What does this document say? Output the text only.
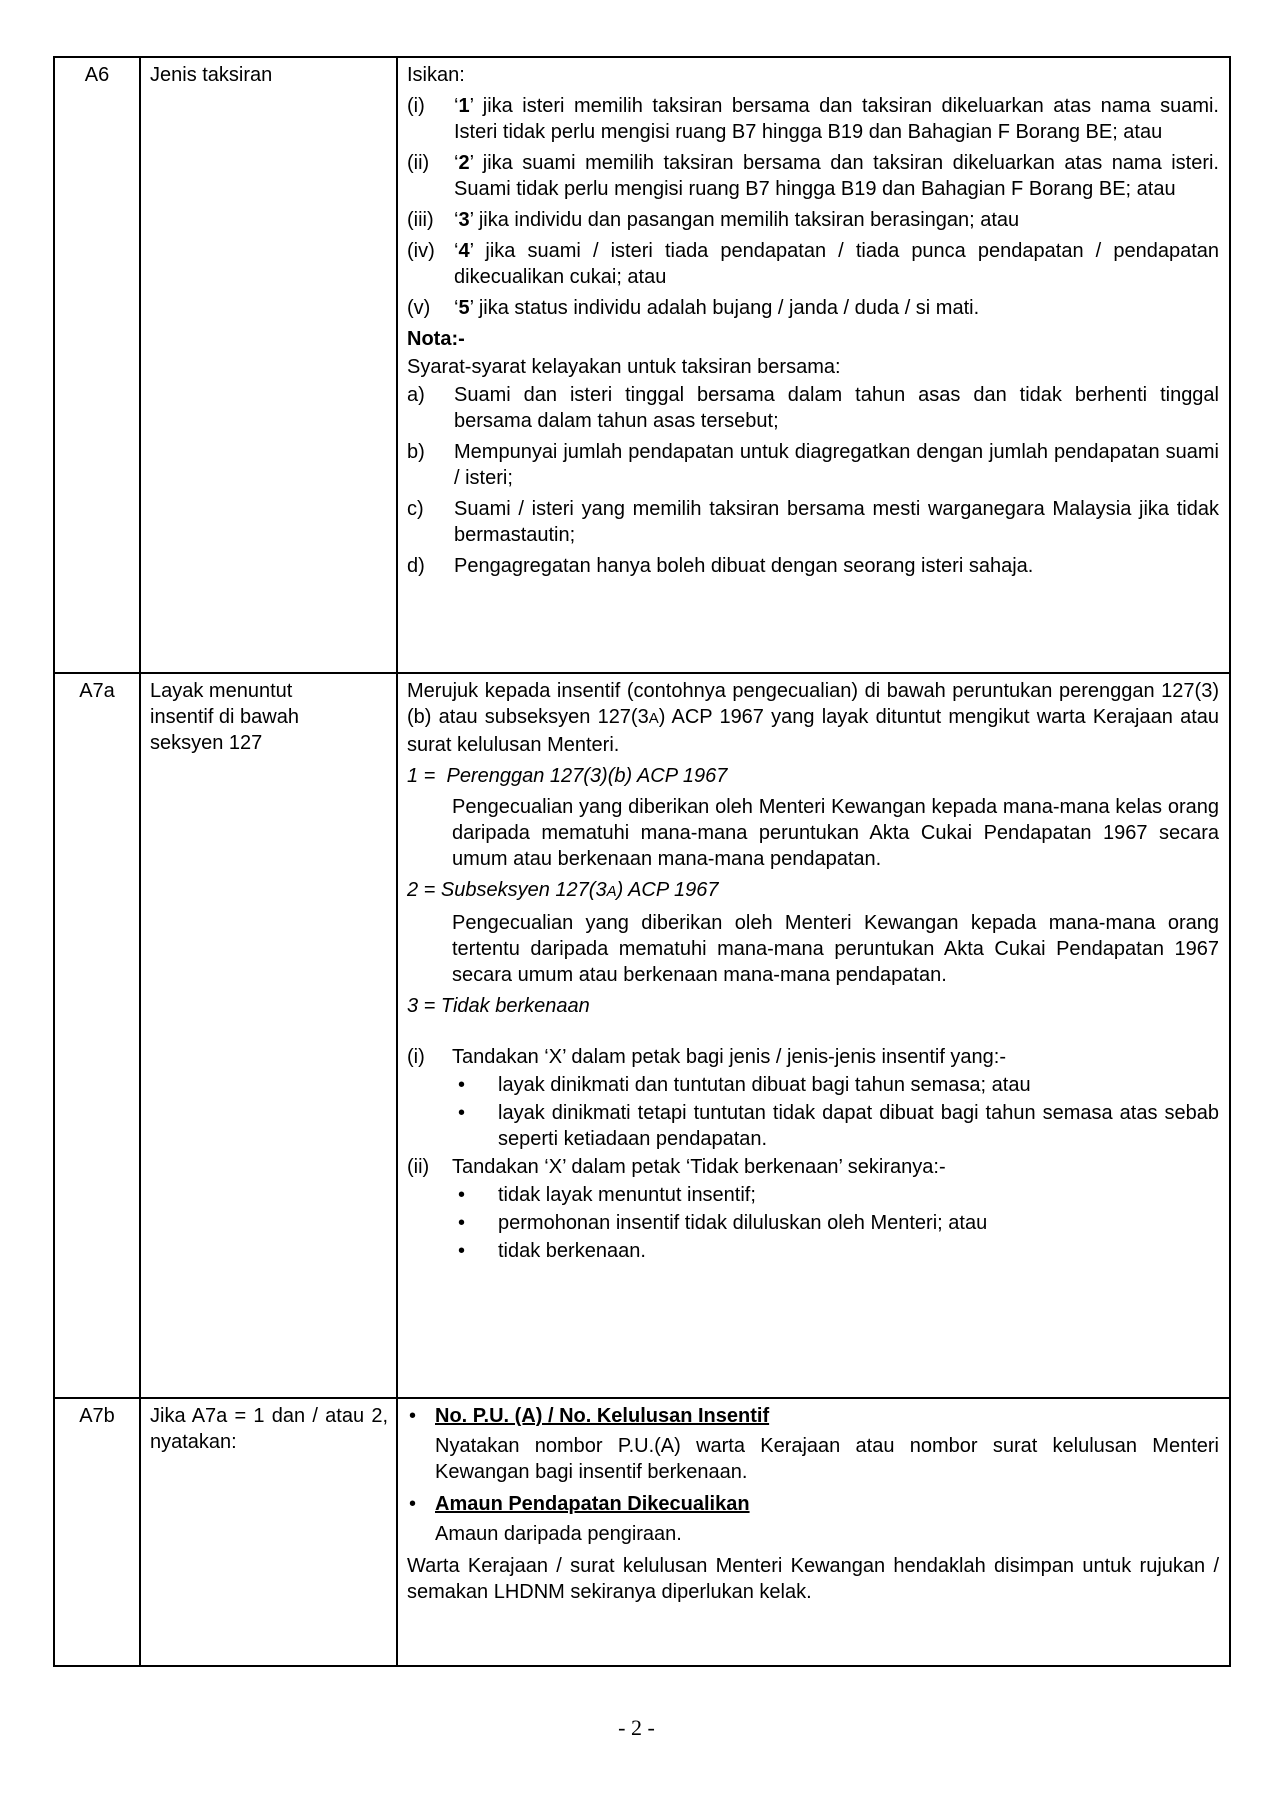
A6	Jenis taksiran	Isikan:
(i)	‘1’ jika isteri memilih taksiran bersama dan taksiran dikeluarkan atas nama suami. Isteri tidak perlu mengisi ruang B7 hingga B19 dan Bahagian F Borang BE; atau
(ii)	‘2’ jika suami memilih taksiran bersama dan taksiran dikeluarkan atas nama isteri. Suami tidak perlu mengisi ruang B7 hingga B19 dan Bahagian F Borang BE; atau
(iii)	‘3’ jika individu dan pasangan memilih taksiran berasingan; atau
(iv) ‘4’ jika suami / isteri tiada pendapatan / tiada punca pendapatan / pendapatan dikecualikan cukai; atau
(v)	‘5’ jika status individu adalah bujang / janda / duda / si mati.
Nota:-
Syarat-syarat kelayakan untuk taksiran bersama:
a)	Suami dan isteri tinggal bersama dalam tahun asas dan tidak berhenti tinggal bersama dalam tahun asas tersebut;
b)	Mempunyai jumlah pendapatan untuk diagregatkan dengan jumlah pendapatan suami / isteri;
c)	Suami / isteri yang memilih taksiran bersama mesti warganegara Malaysia jika tidak bermastautin;
d)	Pengagregatan hanya boleh dibuat dengan seorang isteri sahaja.

A7a	Layak menuntut insentif di bawah seksyen 127

Merujuk kepada insentif (contohnya pengecualian) di bawah peruntukan perenggan 127(3)(b) atau subseksyen 127(3A) ACP 1967 yang layak dituntut mengikut warta Kerajaan atau surat kelulusan Menteri.
1 =  Perenggan 127(3)(b) ACP 1967
Pengecualian yang diberikan oleh Menteri Kewangan kepada mana-mana kelas orang daripada mematuhi mana-mana peruntukan Akta Cukai Pendapatan 1967 secara umum atau berkenaan mana-mana pendapatan.
2 = Subseksyen 127(3A) ACP 1967
Pengecualian yang diberikan oleh Menteri Kewangan kepada mana-mana orang tertentu daripada mematuhi mana-mana peruntukan Akta Cukai Pendapatan 1967 secara umum atau berkenaan mana-mana pendapatan.
3 = Tidak berkenaan
(i)	Tandakan ‘X’ dalam petak bagi jenis / jenis-jenis insentif yang:-
•	layak dinikmati dan tuntutan dibuat bagi tahun semasa; atau
•	layak dinikmati tetapi tuntutan tidak dapat dibuat bagi tahun semasa atas sebab seperti ketiadaan pendapatan.
(ii)	Tandakan ‘X’ dalam petak ‘Tidak berkenaan’ sekiranya:-
•	tidak layak menuntut insentif;
•	permohonan insentif tidak diluluskan oleh Menteri; atau
•	tidak berkenaan.

A7b	Jika A7a = 1 dan / atau 2, nyatakan:

• No. P.U. (A) / No. Kelulusan Insentif
Nyatakan nombor P.U.(A) warta Kerajaan atau nombor surat kelulusan Menteri Kewangan bagi insentif berkenaan.
• Amaun Pendapatan Dikecualikan
Amaun daripada pengiraan.
Warta Kerajaan / surat kelulusan Menteri Kewangan hendaklah disimpan untuk rujukan / semakan LHDNM sekiranya diperlukan kelak.
- 2 -
